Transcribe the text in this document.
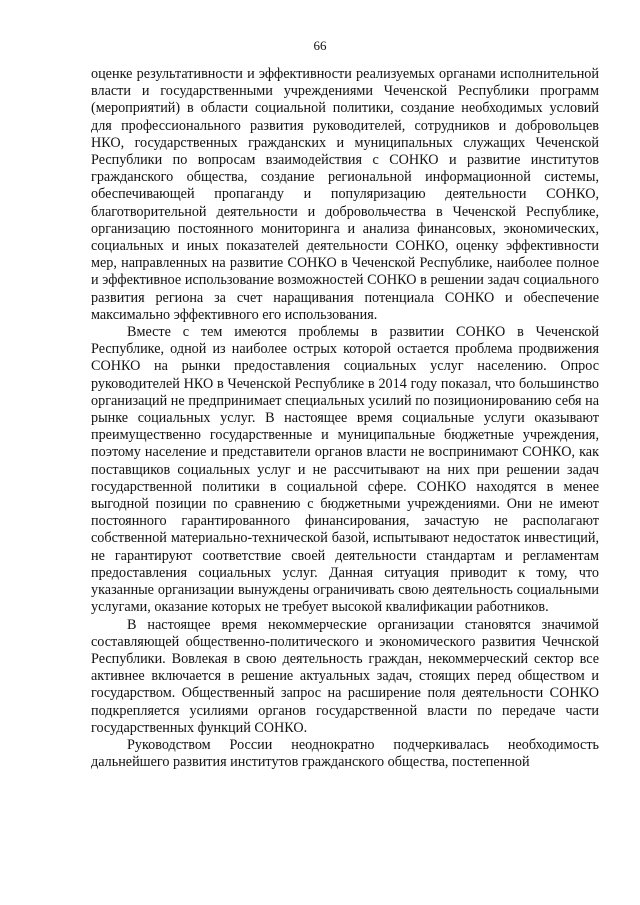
66

оценке результативности и эффективности реализуемых органами исполнительной власти и государственными учреждениями Чеченской Республики программ (мероприятий) в области социальной политики, создание необходимых условий для профессионального развития руководителей, сотрудников и добровольцев НКО, государственных гражданских и муниципальных служащих Чеченской Республики по вопросам взаимодействия с СОНКО и развитие институтов гражданского общества, создание региональной информационной системы, обеспечивающей пропаганду и популяризацию деятельности СОНКО, благотворительной деятельности и добровольчества в Чеченской Республике, организацию постоянного мониторинга и анализа финансовых, экономических, социальных и иных показателей деятельности СОНКО, оценку эффективности мер, направленных на развитие СОНКО в Чеченской Республике, наиболее полное и эффективное использование возможностей СОНКО в решении задач социального развития региона за счет наращивания потенциала СОНКО и обеспечение максимально эффективного его использования.

Вместе с тем имеются проблемы в развитии СОНКО в Чеченской Республике, одной из наиболее острых которой остается проблема продвижения СОНКО на рынки предоставления социальных услуг населению. Опрос руководителей НКО в Чеченской Республике в 2014 году показал, что большинство организаций не предпринимает специальных усилий по позиционированию себя на рынке социальных услуг. В настоящее время социальные услуги оказывают преимущественно государственные и муниципальные бюджетные учреждения, поэтому население и представители органов власти не воспринимают СОНКО, как поставщиков социальных услуг и не рассчитывают на них при решении задач государственной политики в социальной сфере. СОНКО находятся в менее выгодной позиции по сравнению с бюджетными учреждениями. Они не имеют постоянного гарантированного финансирования, зачастую не располагают собственной материально-технической базой, испытывают недостаток инвестиций, не гарантируют соответствие своей деятельности стандартам и регламентам предоставления социальных услуг. Данная ситуация приводит к тому, что указанные организации вынуждены ограничивать свою деятельность социальными услугами, оказание которых не требует высокой квалификации работников.

В настоящее время некоммерческие организации становятся значимой составляющей общественно-политического и экономического развития Чечнской Республики. Вовлекая в свою деятельность граждан, некоммерческий сектор все активнее включается в решение актуальных задач, стоящих перед обществом и государством. Общественный запрос на расширение поля деятельности СОНКО подкрепляется усилиями органов государственной власти по передаче части государственных функций СОНКО.

Руководством России неоднократно подчеркивалась необходимость дальнейшего развития институтов гражданского общества, постепенной
